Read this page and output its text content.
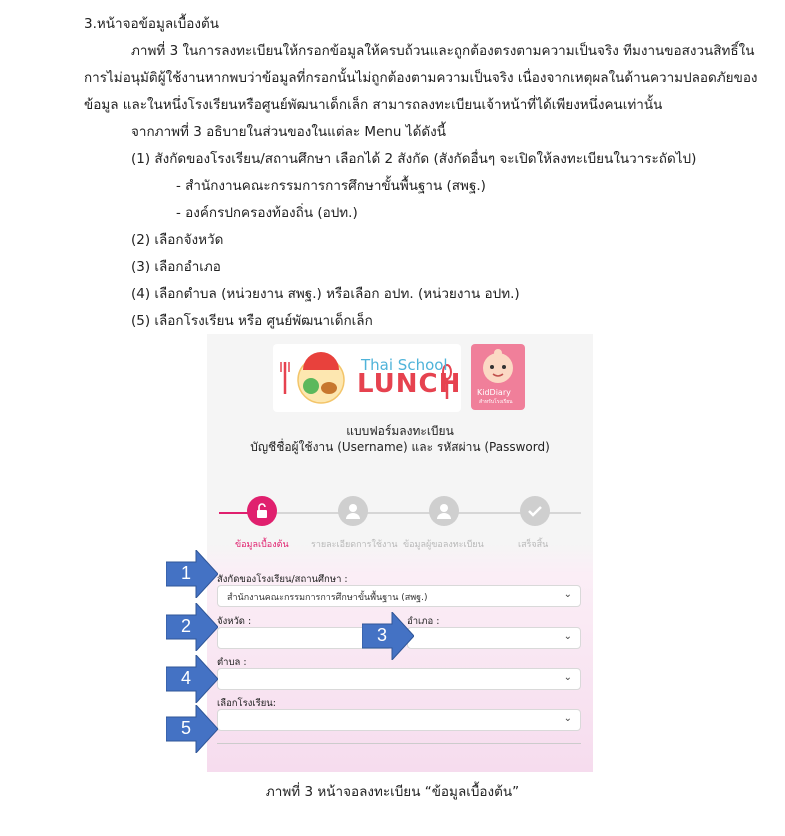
3.หน้าจอข้อมูลเบื้องต้น
ภาพที่ 3 ในการลงทะเบียนให้กรอกข้อมูลให้ครบถ้วนและถูกต้องตรงตามความเป็นจริง ทีมงานขอสงวนสิทธิ์ใน
การไม่อนุมัติผู้ใช้งานหากพบว่าข้อมูลที่กรอกนั้นไม่ถูกต้องตามความเป็นจริง เนื่องจากเหตุผลในด้านความปลอดภัยของ
ข้อมูล และในหนึ่งโรงเรียนหรือศูนย์พัฒนาเด็กเล็ก สามารถลงทะเบียนเจ้าหน้าที่ได้เพียงหนึ่งคนเท่านั้น
จากภาพที่ 3 อธิบายในส่วนของในแต่ละ Menu ได้ดังนี้
(1) สังกัดของโรงเรียน/สถานศึกษา เลือกได้ 2 สังกัด (สังกัดอื่นๆ จะเปิดให้ลงทะเบียนในวาระถัดไป)
- สำนักงานคณะกรรมการการศึกษาขั้นพื้นฐาน (สพฐ.)
- องค์กรปกครองท้องถิ่น (อปท.)
(2) เลือกจังหวัด
(3) เลือกอำเภอ
(4) เลือกตำบล (หน่วยงาน สพฐ.) หรือเลือก อปท. (หน่วยงาน อปท.)
(5) เลือกโรงเรียน หรือ ศูนย์พัฒนาเด็กเล็ก
Thai School
LUNCH KidDiary
สำหรับโรงเรียน
แบบฟอร์มลงทะเบียน
บัญชีชื่อผู้ใช้งาน (Username) และ รหัสผ่าน (Password)
ข้อมูลเบื้องต้น รายละเอียดการใช้งาน ข้อมูลผู้ขอลงทะเบียน	เสร็จสิ้น
สังกัดของโรงเรียน/สถานศึกษา :
สำนักงานคณะกรรมการการศึกษาขั้นพื้นฐาน (สพฐ.)	⌄
จังหวัด :	อำเภอ :
⌄
ตำบล :
⌄
เลือกโรงเรียน:
⌄
1
2	3
4
5
ภาพที่ 3 หน้าจอลงทะเบียน “ข้อมูลเบื้องต้น”
